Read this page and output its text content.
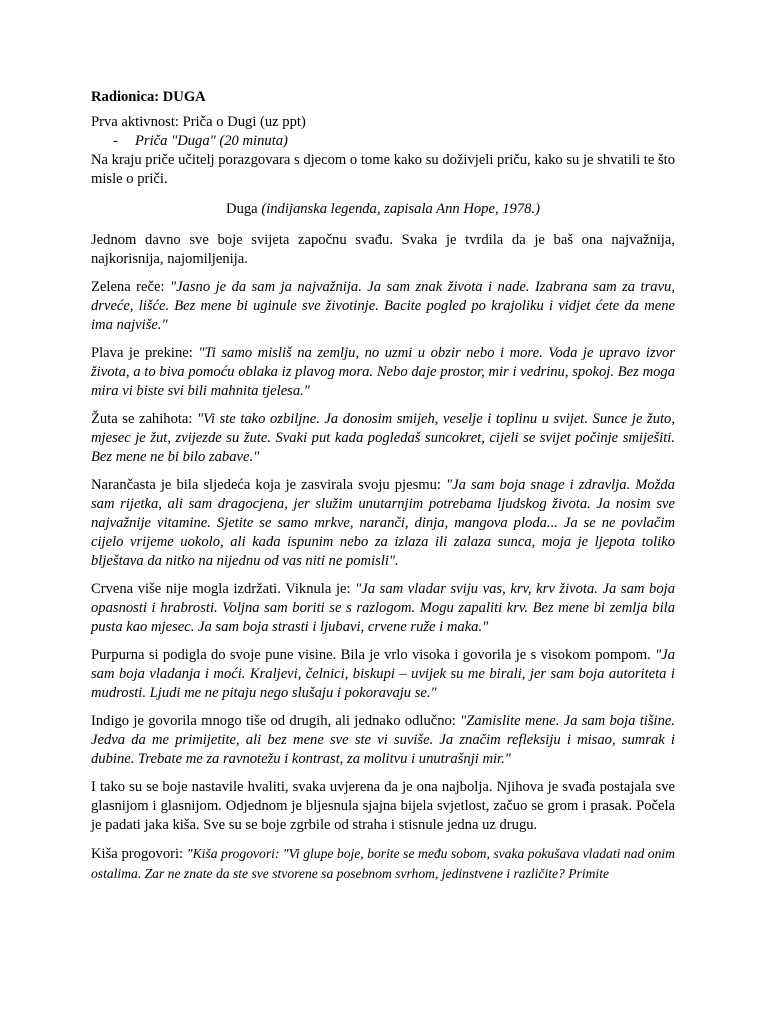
Radionica: DUGA

Prva aktivnost: Priča o Dugi (uz ppt)

- Priča "Duga" (20 minuta)

Na kraju priče učitelj porazgovara s djecom o tome kako su doživjeli priču, kako su je shvatili te što misle o priči.

Duga (indijanska legenda, zapisala Ann Hope, 1978.)

Jednom davno sve boje svijeta započnu svađu. Svaka je tvrdila da je baš ona najvažnija, najkorisnija, najomiljenija.

Zelena reče: "Jasno je da sam ja najvažnija. Ja sam znak života i nade. Izabrana sam za travu, drveće, lišće. Bez mene bi uginule sve životinje. Bacite pogled po krajoliku i vidjet ćete da mene ima najviše."

Plava je prekine: "Ti samo misliš na zemlju, no uzmi u obzir nebo i more. Voda je upravo izvor života, a to biva pomoću oblaka iz plavog mora. Nebo daje prostor, mir i vedrinu, spokoj. Bez moga mira vi biste svi bili mahnita tjelesa."

Žuta se zahihota: "Vi ste tako ozbiljne. Ja donosim smijeh, veselje i toplinu u svijet. Sunce je žuto, mjesec je žut, zvijezde su žute. Svaki put kada pogledaš suncokret, cijeli se svijet počinje smiješiti. Bez mene ne bi bilo zabave."

Narančasta je bila sljedeća koja je zasvirala svoju pjesmu: "Ja sam boja snage i zdravlja. Možda sam rijetka, ali sam dragocjena, jer služim unutarnjim potrebama ljudskog života. Ja nosim sve najvažnije vitamine. Sjetite se samo mrkve, naranči, dinja, mangova ploda... Ja se ne povlačim cijelo vrijeme uokolo, ali kada ispunim nebo za izlaza ili zalaza sunca, moja je ljepota toliko blještava da nitko na nijednu od vas niti ne pomisli".

Crvena više nije mogla izdržati. Viknula je: "Ja sam vladar sviju vas, krv, krv života. Ja sam boja opasnosti i hrabrosti. Voljna sam boriti se s razlogom. Mogu zapaliti krv. Bez mene bi zemlja bila pusta kao mjesec. Ja sam boja strasti i ljubavi, crvene ruže i maka."

Purpurna si podigla do svoje pune visine. Bila je vrlo visoka i govorila je s visokom pompom. "Ja sam boja vladanja i moći. Kraljevi, čelnici, biskupi – uvijek su me birali, jer sam boja autoriteta i mudrosti. Ljudi me ne pitaju nego slušaju i pokoravaju se."

Indigo je govorila mnogo tiše od drugih, ali jednako odlučno: "Zamislite mene. Ja sam boja tišine. Jedva da me primijetite, ali bez mene sve ste vi suviše. Ja značim refleksiju i misao, sumrak i dubine. Trebate me za ravnotežu i kontrast, za molitvu i unutrašnji mir."

I tako su se boje nastavile hvaliti, svaka uvjerena da je ona najbolja. Njihova je svađa postajala sve glasnijom i glasnijom. Odjednom je bljesnula sjajna bijela svjetlost, začuo se grom i prasak. Počela je padati jaka kiša. Sve su se boje zgrbile od straha i stisnule jedna uz drugu.

Kiša progovori: "Kiša progovori: "Vi glupe boje, borite se među sobom, svaka pokušava vladati nad onim ostalima. Zar ne znate da ste sve stvorene sa posebnom svrhom, jedinstvene i različite? Primite
